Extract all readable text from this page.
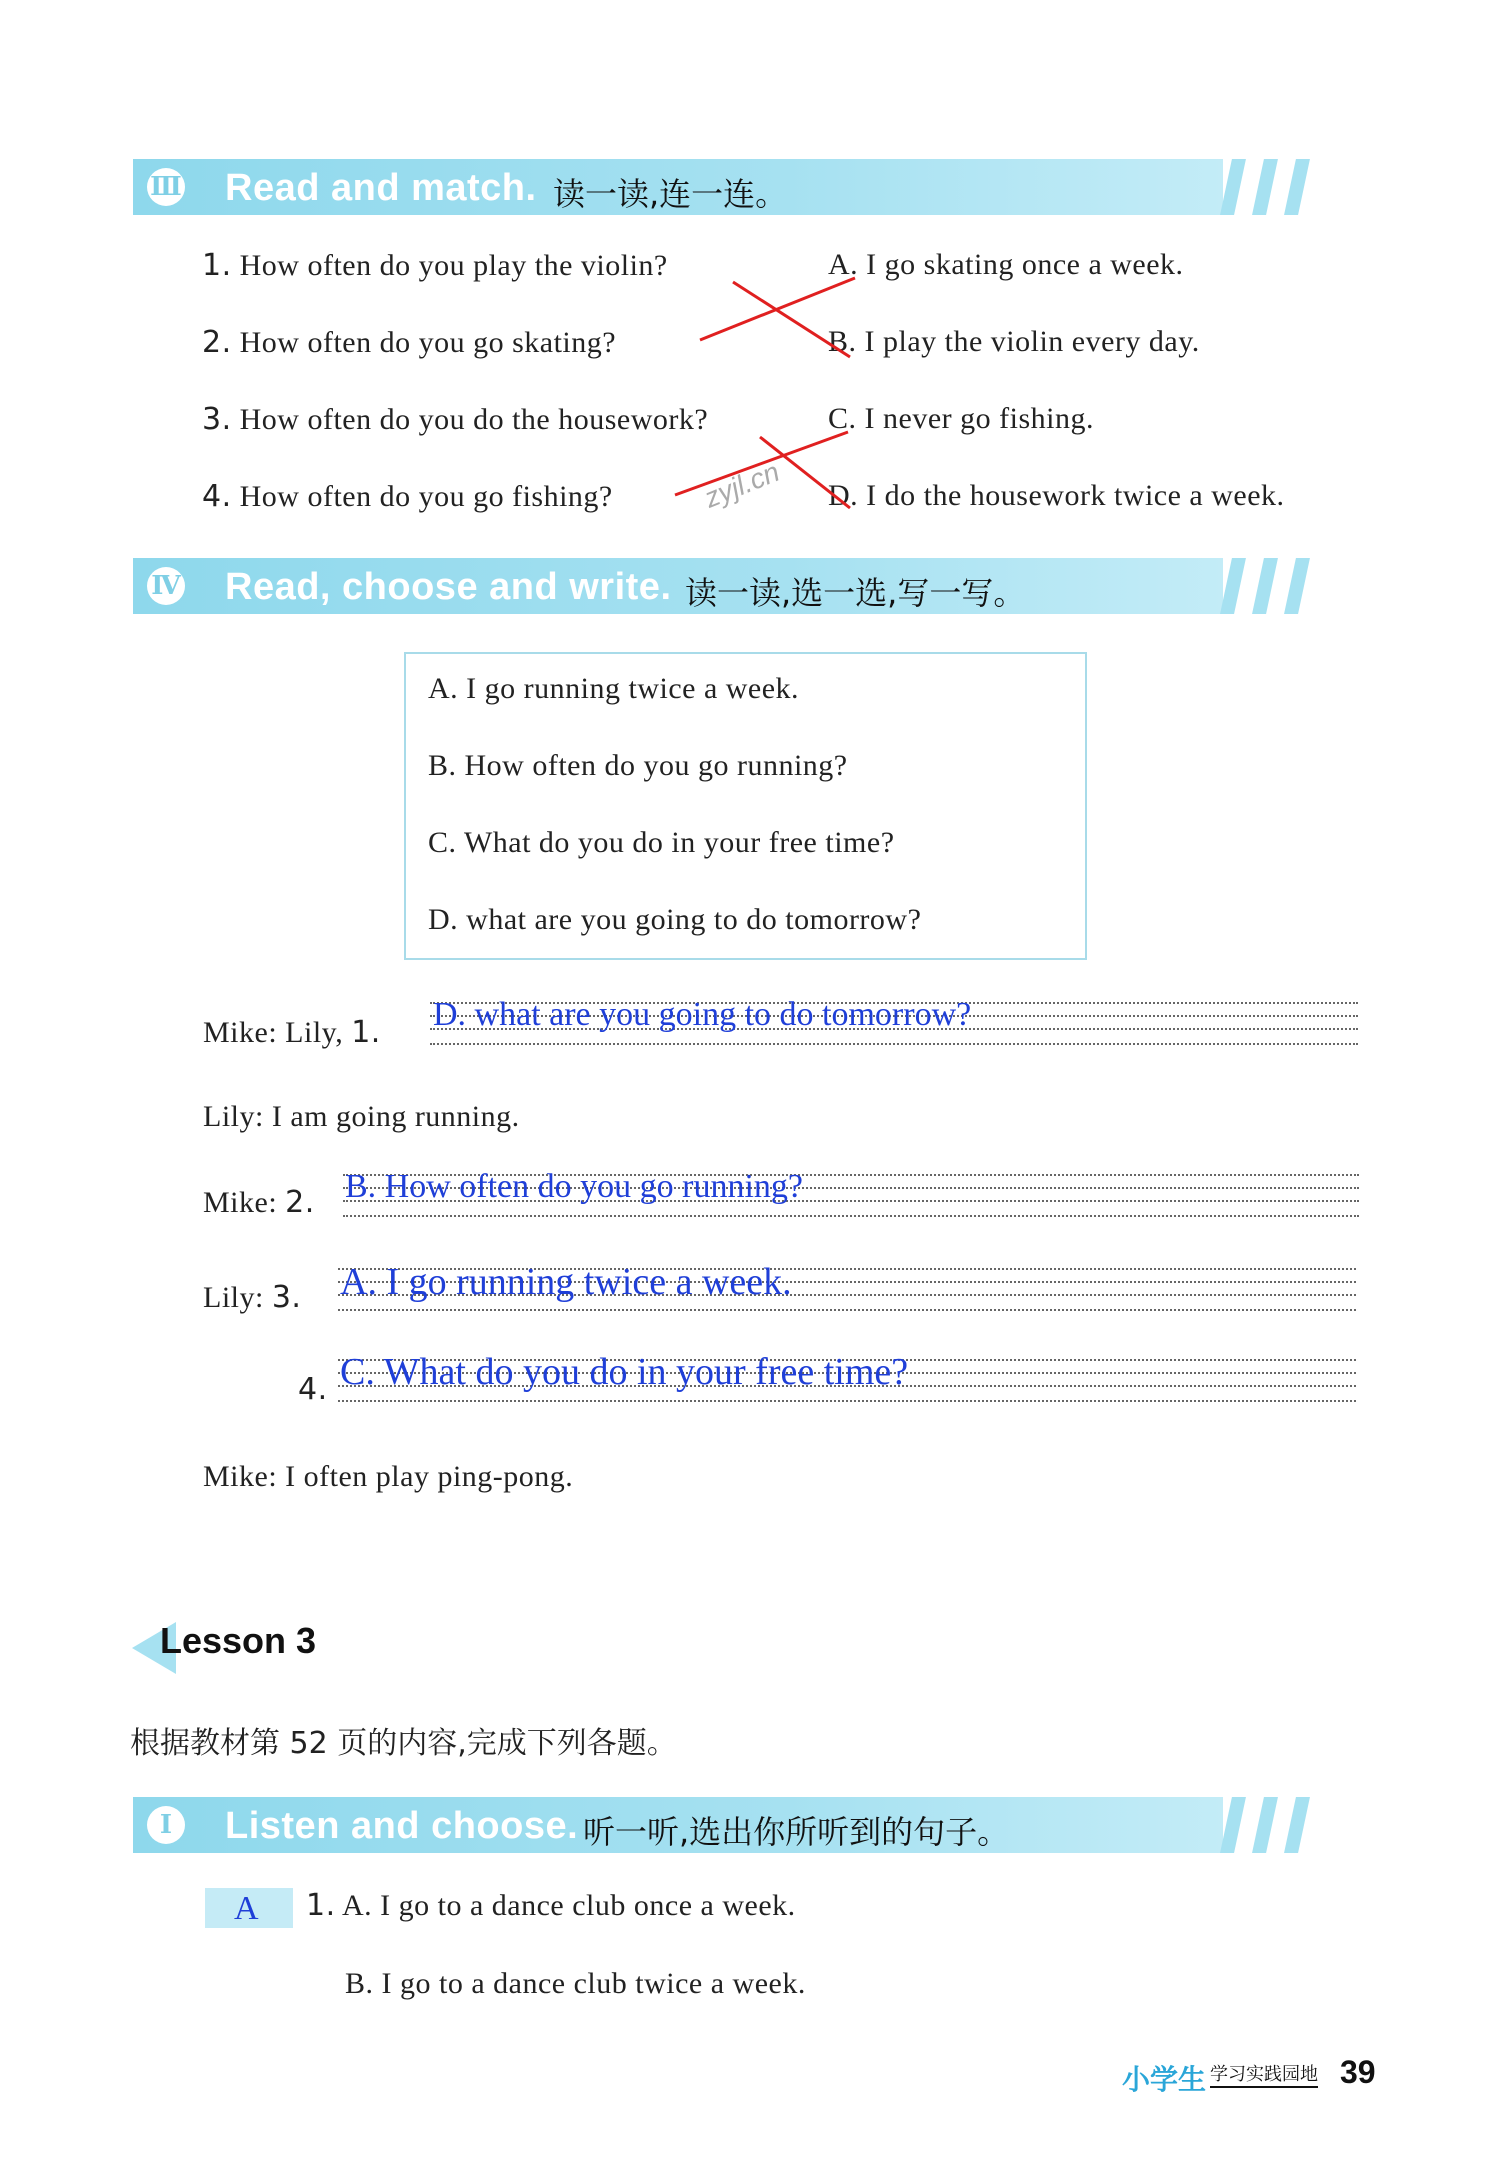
Ⅲ Read and match. 读一读,连一连。
1. How often do you play the violin?
2. How often do you go skating?
3. How often do you do the housework?
4. How often do you go fishing?
A. I go skating once a week.
B. I play the violin every day.
C. I never go fishing.
D. I do the housework twice a week.
zyjl.cn
Ⅳ Read, choose and write. 读一读,选一选,写一写。
A. I go running twice a week.
B. How often do you go running?
C. What do you do in your free time?
D. what are you going to do tomorrow?
Mike: Lily, 1. D. what are you going to do tomorrow?
Lily: I am going running.
Mike: 2. B. How often do you go running?
Lily: 3. A. I go running twice a week.
4. C. What do you do in your free time?
Mike: I often play ping-pong.
Lesson 3
根据教材第 52 页的内容,完成下列各题。
Ⅰ	Listen and choose. 听一听,选出你所听到的句子。
A 1. A. I go to a dance club once a week.
B. I go to a dance club twice a week.
小学生 学习实践园地 39
